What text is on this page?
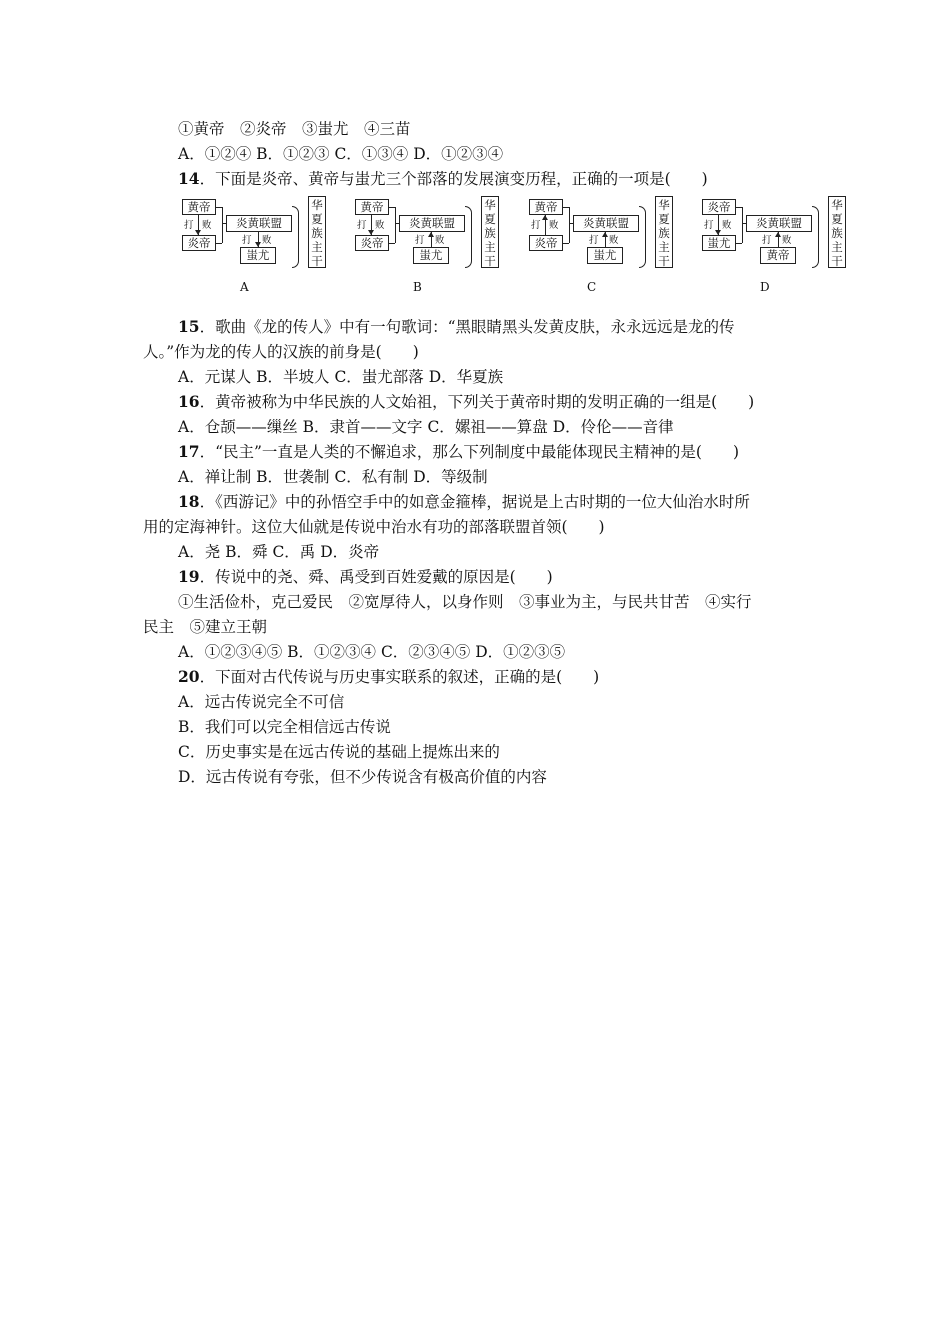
①黄帝　②炎帝　③蚩尤　④三苗
A．①②④ B．①②③ C．①③④ D．①②③④
14．下面是炎帝、黄帝与蚩尤三个部落的发展演变历程，正确的一项是(　　)
黄帝
炎帝
打 败	炎黄联盟
打 败
蚩尤
华
夏
族
主
干
A
黄帝
炎帝
打 败	炎黄联盟
打 败
蚩尤
华
夏
族
主
干
B
黄帝
炎帝
打 败	炎黄联盟
打 败
蚩尤
华
夏
族
主
干
C
炎帝
蚩尤
打 败	炎黄联盟
打 败
黄帝
华
夏
族
主
干
D
15．歌曲《龙的传人》中有一句歌词：“黑眼睛黑头发黄皮肤，永永远远是龙的传
人。”作为龙的传人的汉族的前身是(　　)
A．元谋人 B．半坡人 C．蚩尤部落 D．华夏族
16．黄帝被称为中华民族的人文始祖，下列关于黄帝时期的发明正确的一组是(　　)
A．仓颉——缫丝 B．隶首——文字 C．嫘祖——算盘 D．伶伦——音律
17．“民主”一直是人类的不懈追求，那么下列制度中最能体现民主精神的是(　　)
A．禅让制 B．世袭制 C．私有制 D．等级制
18．《西游记》中的孙悟空手中的如意金箍棒，据说是上古时期的一位大仙治水时所
用的定海神针。这位大仙就是传说中治水有功的部落联盟首领(　　)
A．尧 B．舜 C．禹 D．炎帝
19．传说中的尧、舜、禹受到百姓爱戴的原因是(　　)
①生活俭朴，克己爱民　②宽厚待人，以身作则　③事业为主，与民共甘苦　④实行
民主　⑤建立王朝
A．①②③④⑤ B．①②③④ C．②③④⑤ D．①②③⑤
20．下面对古代传说与历史事实联系的叙述，正确的是(　　)
A．远古传说完全不可信
B．我们可以完全相信远古传说
C．历史事实是在远古传说的基础上提炼出来的
D．远古传说有夸张，但不少传说含有极高价值的内容
